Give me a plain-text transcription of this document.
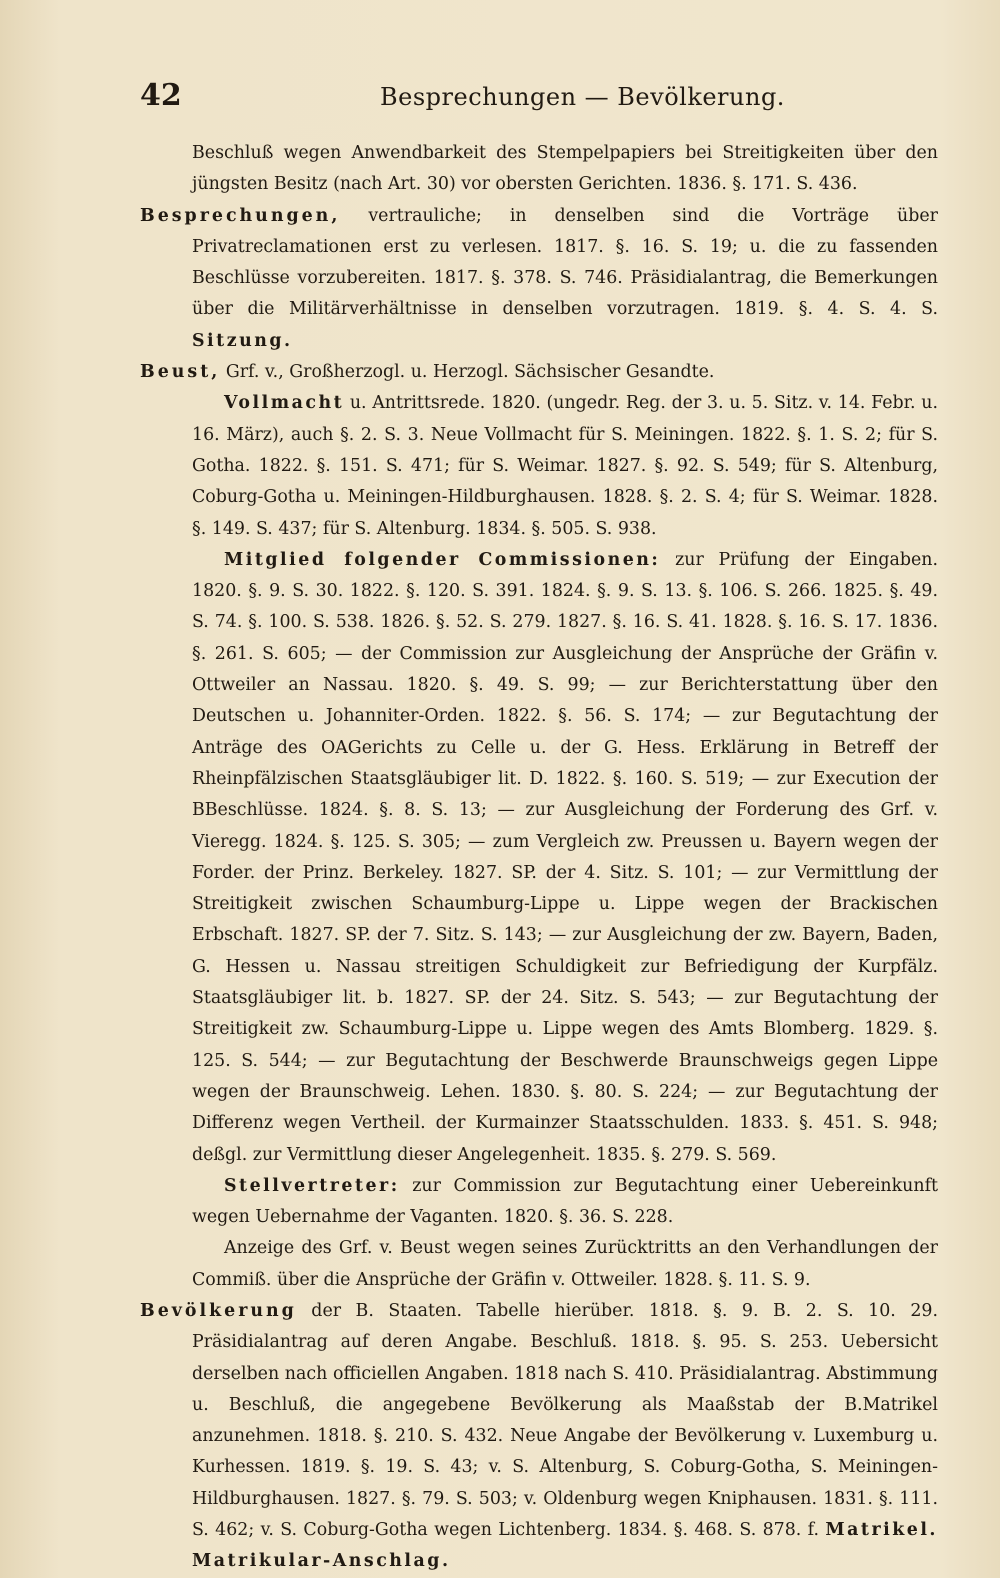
42	Besprechungen — Bevölkerung.

Beschluß wegen Anwendbarkeit des Stempelpapiers bei Streitigkeiten über den jüngsten Besitz (nach Art. 30) vor obersten Gerichten. 1836. §. 171. S. 436.

Besprechungen, vertrauliche; in denselben sind die Vorträge über Privatreclamationen erst zu verlesen. 1817. §. 16. S. 19; u. die zu fassenden Beschlüsse vorzubereiten. 1817. §. 378. S. 746. Präsidialantrag, die Bemerkungen über die Militärverhältnisse in denselben vorzutragen. 1819. §. 4. S. 4. S. Sitzung.

Beust, Grf. v., Großherzogl. u. Herzogl. Sächsischer Gesandte.

Vollmacht u. Antrittsrede. 1820. (ungedr. Reg. der 3. u. 5. Sitz. v. 14. Febr. u. 16. März), auch §. 2. S. 3. Neue Vollmacht für S. Meiningen. 1822. §. 1. S. 2; für S. Gotha. 1822. §. 151. S. 471; für S. Weimar. 1827. §. 92. S. 549; für S. Altenburg, Coburg-Gotha u. Meiningen-Hildburghausen. 1828. §. 2. S. 4; für S. Weimar. 1828. §. 149. S. 437; für S. Altenburg. 1834. §. 505. S. 938.

Mitglied folgender Commissionen: zur Prüfung der Eingaben. 1820. §. 9. S. 30. 1822. §. 120. S. 391. 1824. §. 9. S. 13. §. 106. S. 266. 1825. §. 49. S. 74. §. 100. S. 538. 1826. §. 52. S. 279. 1827. §. 16. S. 41. 1828. §. 16. S. 17. 1836. §. 261. S. 605; — der Commission zur Ausgleichung der Ansprüche der Gräfin v. Ottweiler an Nassau. 1820. §. 49. S. 99; — zur Berichterstattung über den Deutschen u. Johanniter-Orden. 1822. §. 56. S. 174; — zur Begutachtung der Anträge des OAGerichts zu Celle u. der G. Hess. Erklärung in Betreff der Rheinpfälzischen Staatsgläubiger lit. D. 1822. §. 160. S. 519; — zur Execution der BBeschlüsse. 1824. §. 8. S. 13; — zur Ausgleichung der Forderung des Grf. v. Vieregg. 1824. §. 125. S. 305; — zum Vergleich zw. Preussen u. Bayern wegen der Forder. der Prinz. Berkeley. 1827. SP. der 4. Sitz. S. 101; — zur Vermittlung der Streitigkeit zwischen Schaumburg-Lippe u. Lippe wegen der Brackischen Erbschaft. 1827. SP. der 7. Sitz. S. 143; — zur Ausgleichung der zw. Bayern, Baden, G. Hessen u. Nassau streitigen Schuldigkeit zur Befriedigung der Kurpfälz. Staatsgläubiger lit. b. 1827. SP. der 24. Sitz. S. 543; — zur Begutachtung der Streitigkeit zw. Schaumburg-Lippe u. Lippe wegen des Amts Blomberg. 1829. §. 125. S. 544; — zur Begutachtung der Beschwerde Braunschweigs gegen Lippe wegen der Braunschweig. Lehen. 1830. §. 80. S. 224; — zur Begutachtung der Differenz wegen Vertheil. der Kurmainzer Staatsschulden. 1833. §. 451. S. 948; deßgl. zur Vermittlung dieser Angelegenheit. 1835. §. 279. S. 569.

Stellvertreter: zur Commission zur Begutachtung einer Uebereinkunft wegen Uebernahme der Vaganten. 1820. §. 36. S. 228.

Anzeige des Grf. v. Beust wegen seines Zurücktritts an den Verhandlungen der Commiß. über die Ansprüche der Gräfin v. Ottweiler. 1828. §. 11. S. 9.

Bevölkerung der B. Staaten. Tabelle hierüber. 1818. §. 9. B. 2. S. 10. 29. Präsidialantrag auf deren Angabe. Beschluß. 1818. §. 95. S. 253. Uebersicht derselben nach officiellen Angaben. 1818 nach S. 410. Präsidialantrag. Abstimmung u. Beschluß, die angegebene Bevölkerung als Maaßstab der B.Matrikel anzunehmen. 1818. §. 210. S. 432. Neue Angabe der Bevölkerung v. Luxemburg u. Kurhessen. 1819. §. 19. S. 43; v. S. Altenburg, S. Coburg-Gotha, S. Meiningen-Hildburghausen. 1827. §. 79. S. 503; v. Oldenburg wegen Kniphausen. 1831. §. 111. S. 462; v. S. Coburg-Gotha wegen Lichtenberg. 1834. §. 468. S. 878. f. Matrikel. Matrikular-Anschlag.
